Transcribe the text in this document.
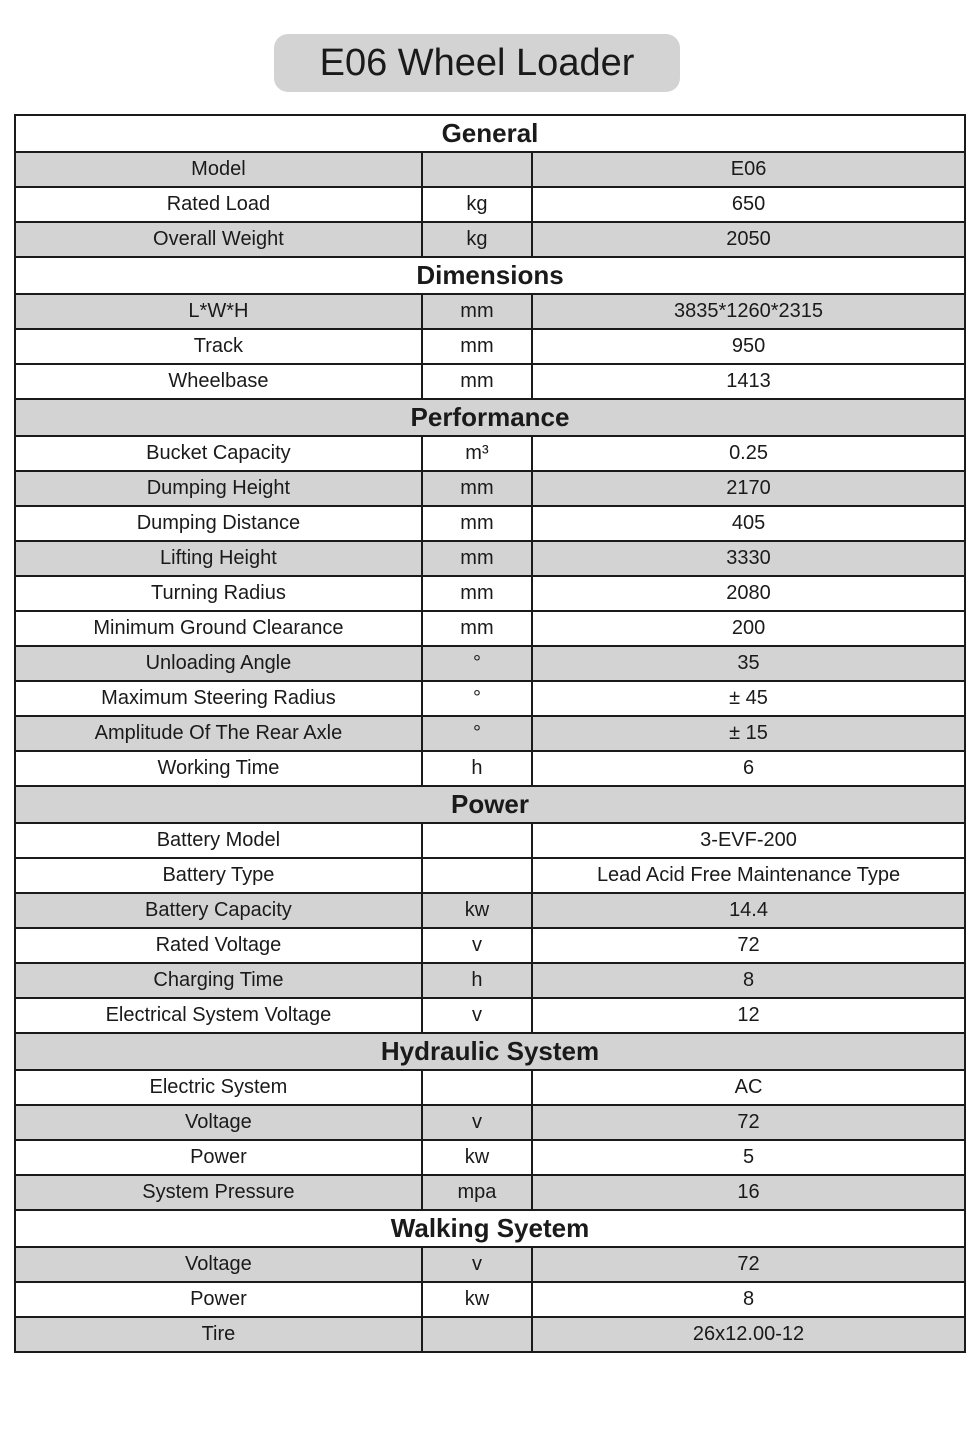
E06 Wheel Loader
General		
Model		E06
Rated Load	kg	650
Overall Weight	kg	2050
Dimensions		
L*W*H	mm	3835*1260*2315
Track	mm	950
Wheelbase	mm	1413
Performance		
Bucket Capacity	m³	0.25
Dumping Height	mm	2170
Dumping Distance	mm	405
Lifting Height	mm	3330
Turning Radius	mm	2080
Minimum Ground Clearance	mm	200
Unloading Angle	°	35
Maximum Steering Radius	°	± 45
Amplitude Of The Rear Axle	°	± 15
Working Time	h	6
Power		
Battery Model		3-EVF-200
Battery Type		Lead Acid Free Maintenance Type
Battery Capacity	kw	14.4
Rated Voltage	v	72
Charging Time	h	8
Electrical System Voltage	v	12
Hydraulic System		
Electric System		AC
Voltage	v	72
Power	kw	5
System Pressure	mpa	16
Walking Syetem		
Voltage	v	72
Power	kw	8
Tire		26x12.00-12
